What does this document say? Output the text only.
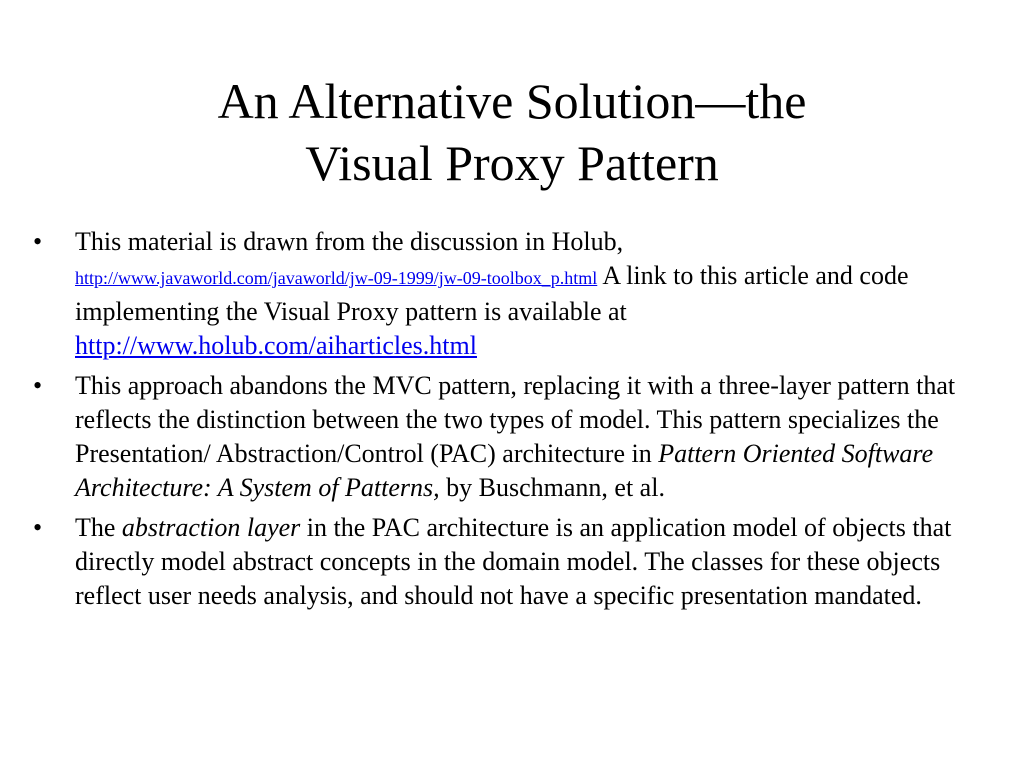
An Alternative Solution—the
Visual Proxy Pattern
•	This material is drawn from the discussion in Holub,
http://www.javaworld.com/javaworld/jw-09-1999/jw-09-toolbox_p.html A link to this article and code implementing the Visual Proxy pattern is available at http://www.holub.com/aiharticles.html
•	This approach abandons the MVC pattern, replacing it with a three-layer pattern that reflects the distinction between the two types of model. This pattern specializes the Presentation/ Abstraction/Control (PAC) architecture in Pattern Oriented Software Architecture: A System of Patterns, by Buschmann, et al.
•	The abstraction layer in the PAC architecture is an application model of objects that directly model abstract concepts in the domain model. The classes for these objects reflect user needs analysis, and should not have a specific presentation mandated.
